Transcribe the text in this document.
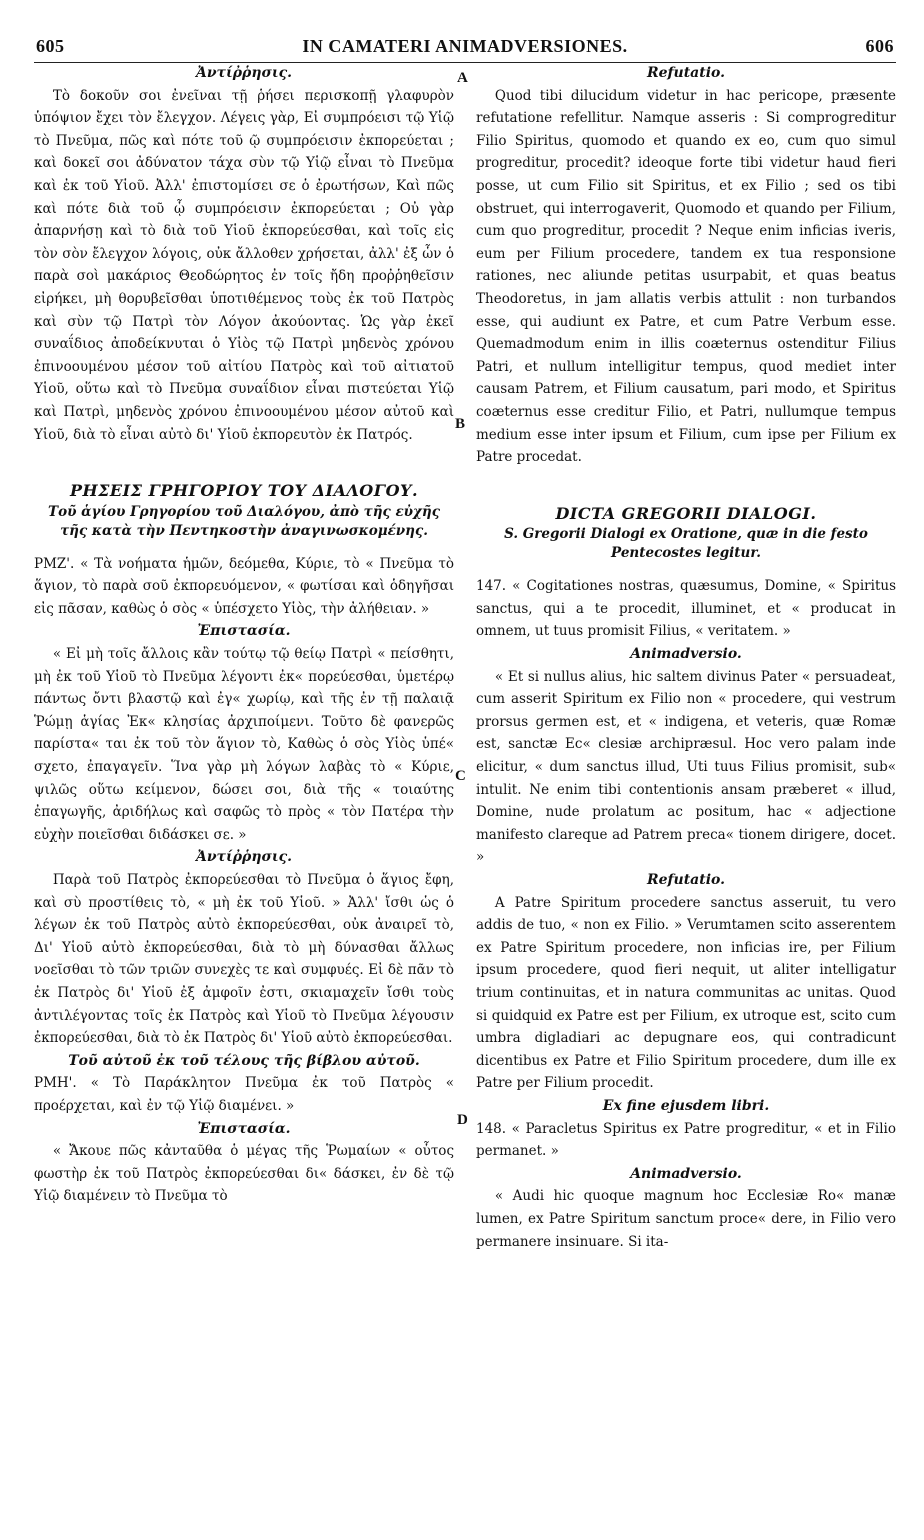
605	IN CAMATERI ANIMADVERSIONES.	606
A
B
C
D
Ἀντίῤῥησις.

Τὸ δοκοῦν σοι ἐνεῖναι τῇ ῥήσει περισκοπῇ γλαφυρὸν ὑπόψιον ἔχει τὸν ἔλεγχον. Λέγεις γὰρ, Εἰ συμπρόεισι τῷ Υἱῷ τὸ Πνεῦμα, πῶς καὶ πότε τοῦ ῷ συμπρόεισιν ἐκπορεύεται ; καὶ δοκεῖ σοι ἀδύνατον τάχα σὺν τῷ Υἱῷ εἶναι τὸ Πνεῦμα καὶ ἐκ τοῦ Υἱοῦ. Ἀλλ' ἐπιστομίσει σε ὁ ἐρωτήσων, Καὶ πῶς καὶ πότε διὰ τοῦ ᾧ συμπρόεισιν ἐκπορεύεται ; Οὐ γὰρ ἀπαρνήσῃ καὶ τὸ διὰ τοῦ Υἱοῦ ἐκπορεύεσθαι, καὶ τοῖς εἰς τὸν σὸν ἔλεγχον λόγοις, οὐκ ἄλλοθεν χρήσεται, ἀλλ' ἐξ ὧν ὁ παρὰ σοὶ μακάριος Θεοδώρητος ἐν τοῖς ἤδη προῤῥηθεῖσιν εἰρήκει, μὴ θορυβεῖσθαι ὑποτιθέμενος τοὺς ἐκ τοῦ Πατρὸς καὶ σὺν τῷ Πατρὶ τὸν Λόγον ἀκούοντας. Ὡς γὰρ ἐκεῖ συναΐδιος ἀποδείκνυται ὁ Υἱὸς τῷ Πατρὶ μηδενὸς χρόνου ἐπινοουμένου μέσον τοῦ αἰτίου Πατρὸς καὶ τοῦ αἰτιατοῦ Υἱοῦ, οὕτω καὶ τὸ Πνεῦμα συναΐδιον εἶναι πιστεύεται Υἱῷ καὶ Πατρὶ, μηδενὸς χρόνου ἐπινοουμένου μέσον αὐτοῦ καὶ Υἱοῦ, διὰ τὸ εἶναι αὐτὸ δι' Υἱοῦ ἐκπορευτὸν ἐκ Πατρός.

ΡΗΣΕΙΣ ΓΡΗΓΟΡΙΟΥ ΤΟΥ ΔΙΑΛΟΓΟΥ.
Τοῦ ἁγίου Γρηγορίου τοῦ Διαλόγου, ἀπὸ τῆς εὐχῆς τῆς κατὰ τὴν Πεντηκοστὴν ἀναγινωσκομένης.

ΡΜΖ'. « Τὰ νοήματα ἡμῶν, δεόμεθα, Κύριε, τὸ « Πνεῦμα τὸ ἅγιον, τὸ παρὰ σοῦ ἐκπορευόμενον, « φωτίσαι καὶ ὁδηγῆσαι εἰς πᾶσαν, καθὼς ὁ σὸς « ὑπέσχετο Υἱὸς, τὴν ἀλήθειαν. »

Ἐπιστασία.

« Εἰ μὴ τοῖς ἄλλοις κἂν τούτῳ τῷ θείῳ Πατρὶ « πείσθητι, μὴ ἐκ τοῦ Υἱοῦ τὸ Πνεῦμα λέγοντι ἐκ« πορεύεσθαι, ὑμετέρῳ πάντως ὄντι βλαστῷ καὶ ἐγ« χωρίῳ, καὶ τῆς ἐν τῇ παλαιᾷ Ῥώμῃ ἁγίας Ἐκ« κλησίας ἀρχιποίμενι. Τοῦτο δὲ φανερῶς παρίστα« ται ἐκ τοῦ τὸν ἅγιον τὸ, Καθὼς ὁ σὸς Υἱὸς ὑπέ« σχετο, ἐπαγαγεῖν. Ἵνα γὰρ μὴ λόγων λαβὰς τὸ « Κύριε, ψιλῶς οὕτω κείμενον, δώσει σοι, διὰ τῆς « τοιαύτης ἐπαγωγῆς, ἀριδήλως καὶ σαφῶς τὸ πρὸς « τὸν Πατέρα τὴν εὐχὴν ποιεῖσθαι διδάσκει σε. »

Ἀντίῤῥησις.

Παρὰ τοῦ Πατρὸς ἐκπορεύεσθαι τὸ Πνεῦμα ὁ ἅγιος ἔφη, καὶ σὺ προστίθεις τὸ, « μὴ ἐκ τοῦ Υἱοῦ. » Ἀλλ' ἴσθι ὡς ὁ λέγων ἐκ τοῦ Πατρὸς αὐτὸ ἐκπορεύεσθαι, οὐκ ἀναιρεῖ τὸ, Δι' Υἱοῦ αὐτὸ ἐκπορεύεσθαι, διὰ τὸ μὴ δύνασθαι ἄλλως νοεῖσθαι τὸ τῶν τριῶν συνεχὲς τε καὶ συμφυές. Εἰ δὲ πᾶν τὸ ἐκ Πατρὸς δι' Υἱοῦ ἐξ ἀμφοῖν ἐστι, σκιαμαχεῖν ἴσθι τοὺς ἀντιλέγοντας τοῖς ἐκ Πατρὸς καὶ Υἱοῦ τὸ Πνεῦμα λέγουσιν ἐκπορεύεσθαι, διὰ τὸ ἐκ Πατρὸς δι' Υἱοῦ αὐτὸ ἐκπορεύεσθαι.

Τοῦ αὐτοῦ ἐκ τοῦ τέλους τῆς βίβλου αὐτοῦ.

ΡΜΗ'. « Τὸ Παράκλητον Πνεῦμα ἐκ τοῦ Πατρὸς « προέρχεται, καὶ ἐν τῷ Υἱῷ διαμένει. »

Ἐπιστασία.

« Ἄκουε πῶς κἀνταῦθα ὁ μέγας τῆς Ῥωμαίων « οὗτος φωστὴρ ἐκ τοῦ Πατρὸς ἐκπορεύεσθαι δι« δάσκει, ἐν δὲ τῷ Υἱῷ διαμένειν τὸ Πνεῦμα τὸ

Refutatio.

Quod tibi dilucidum videtur in hac pericope, præsente refutatione refellitur. Namque asseris : Si comprogreditur Filio Spiritus, quomodo et quando ex eo, cum quo simul progreditur, procedit? ideoque forte tibi videtur haud fieri posse, ut cum Filio sit Spiritus, et ex Filio ; sed os tibi obstruet, qui interrogaverit, Quomodo et quando per Filium, cum quo progreditur, procedit ? Neque enim inficias iveris, eum per Filium procedere, tandem ex tua responsione rationes, nec aliunde petitas usurpabit, et quas beatus Theodoretus, in jam allatis verbis attulit : non turbandos esse, qui audiunt ex Patre, et cum Patre Verbum esse. Quemadmodum enim in illis coæternus ostenditur Filius Patri, et nullum intelligitur tempus, quod mediet inter causam Patrem, et Filium causatum, pari modo, et Spiritus coæternus esse creditur Filio, et Patri, nullumque tempus medium esse inter ipsum et Filium, cum ipse per Filium ex Patre procedat.

DICTA GREGORII DIALOGI.
S. Gregorii Dialogi ex Oratione, quæ in die festo Pentecostes legitur.

147. « Cogitationes nostras, quæsumus, Domine, « Spiritus sanctus, qui a te procedit, illuminet, et « producat in omnem, ut tuus promisit Filius, « veritatem. »

Animadversio.

« Et si nullus alius, hic saltem divinus Pater « persuadeat, cum asserit Spiritum ex Filio non « procedere, qui vestrum prorsus germen est, et « indigena, et veteris, quæ Romæ est, sanctæ Ec« clesiæ archipræsul. Hoc vero palam inde elicitur, « dum sanctus illud, Uti tuus Filius promisit, sub« intulit. Ne enim tibi contentionis ansam præberet « illud, Domine, nude prolatum ac positum, hac « adjectione manifesto clareque ad Patrem preca« tionem dirigere, docet. »

Refutatio.

A Patre Spiritum procedere sanctus asseruit, tu vero addis de tuo, « non ex Filio. » Verumtamen scito asserentem ex Patre Spiritum procedere, non inficias ire, per Filium ipsum procedere, quod fieri nequit, ut aliter intelligatur trium continuitas, et in natura communitas ac unitas. Quod si quidquid ex Patre est per Filium, ex utroque est, scito cum umbra digladiari ac depugnare eos, qui contradicunt dicentibus ex Patre et Filio Spiritum procedere, dum ille ex Patre per Filium procedit.

Ex fine ejusdem libri.

148. « Paracletus Spiritus ex Patre progreditur, « et in Filio permanet. »

Animadversio.

« Audi hic quoque magnum hoc Ecclesiæ Ro« manæ lumen, ex Patre Spiritum sanctum proce« dere, in Filio vero permanere insinuare. Si ita-
